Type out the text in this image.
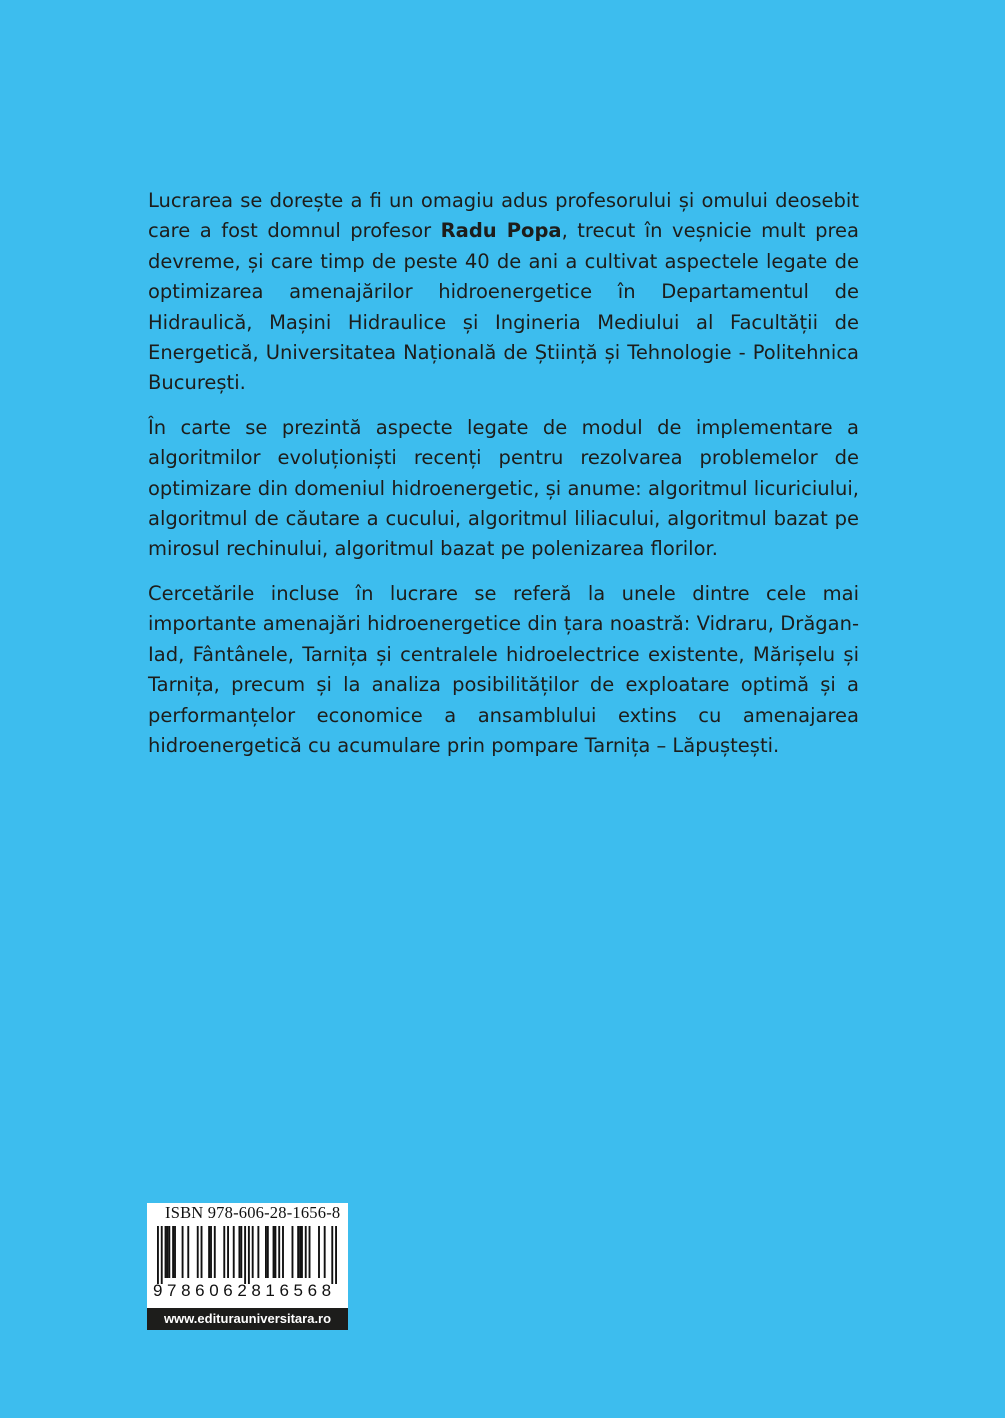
Lucrarea se dorește a fi un omagiu adus profesorului și omului deosebit care a fost domnul profesor Radu Popa, trecut în veșnicie mult prea devreme, și care timp de peste 40 de ani a cultivat aspectele legate de optimizarea amenajărilor hidroenergetice în Departamentul de Hidraulică, Mașini Hidraulice și Ingineria Mediului al Facultății de Energetică, Universitatea Națională de Știință și Tehnologie - Politehnica București.

În carte se prezintă aspecte legate de modul de implementare a algoritmilor evoluționiști recenți pentru rezolvarea problemelor de optimizare din domeniul hidroenergetic, și anume: algoritmul licuriciului, algoritmul de căutare a cucului, algoritmul liliacului, algoritmul bazat pe mirosul rechinului, algoritmul bazat pe polenizarea florilor.

Cercetările incluse în lucrare se referă la unele dintre cele mai importante amenajări hidroenergetice din țara noastră: Vidraru, Drăgan-Iad, Fântânele, Tarnița și centralele hidroelectrice existente, Mărișelu și Tarnița, precum și la analiza posibilităților de exploatare optimă și a performanțelor economice a ansamblului extins cu amenajarea hidroenergetică cu acumulare prin pompare Tarnița – Lăpuștești.

ISBN 978-606-28-1656-8
9786062816568
www.editurauniversitara.ro
